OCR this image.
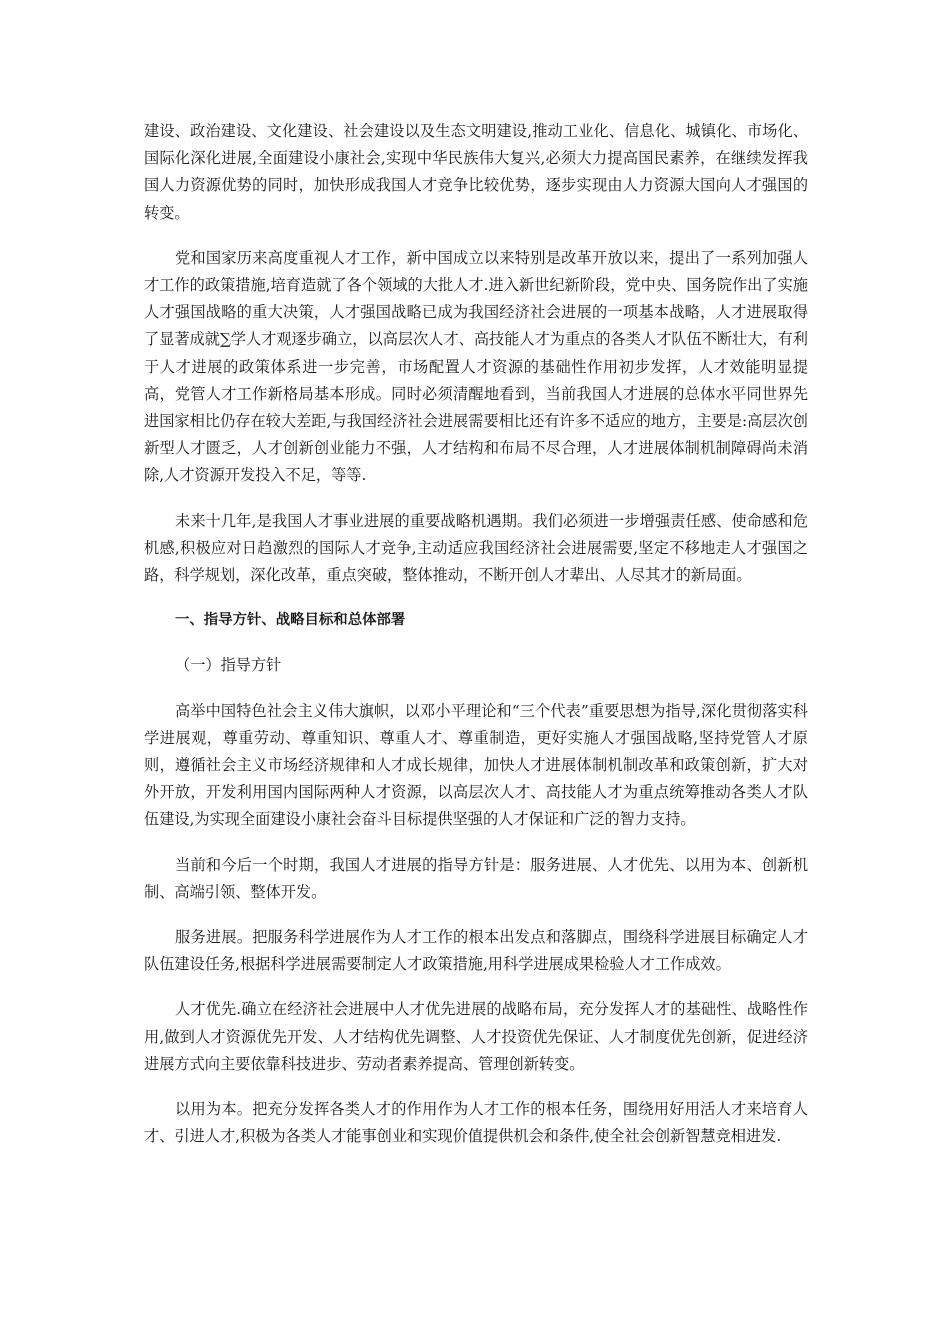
建设、政治建设、文化建设、社会建设以及生态文明建设,推动工业化、信息化、城镇化、市场化、国际化深化进展,全面建设小康社会,实现中华民族伟大复兴,必须大力提高国民素养，在继续发挥我国人力资源优势的同时，加快形成我国人才竞争比较优势，逐步实现由人力资源大国向人才强国的转变。

党和国家历来高度重视人才工作，新中国成立以来特别是改革开放以来，提出了一系列加强人才工作的政策措施,培育造就了各个领域的大批人才.进入新世纪新阶段，党中央、国务院作出了实施人才强国战略的重大决策，人才强国战略已成为我国经济社会进展的一项基本战略，人才进展取得了显著成就∑学人才观逐步确立，以高层次人才、高技能人才为重点的各类人才队伍不断壮大，有利于人才进展的政策体系进一步完善，市场配置人才资源的基础性作用初步发挥，人才效能明显提高，党管人才工作新格局基本形成。同时必须清醒地看到，当前我国人才进展的总体水平同世界先进国家相比仍存在较大差距,与我国经济社会进展需要相比还有许多不适应的地方，主要是:高层次创新型人才匮乏，人才创新创业能力不强，人才结构和布局不尽合理，人才进展体制机制障碍尚未消除,人才资源开发投入不足，等等.

未来十几年,是我国人才事业进展的重要战略机遇期。我们必须进一步增强责任感、使命感和危机感,积极应对日趋激烈的国际人才竞争,主动适应我国经济社会进展需要,坚定不移地走人才强国之路，科学规划，深化改革，重点突破，整体推动，不断开创人才辈出、人尽其才的新局面。

一、指导方针、战略目标和总体部署

（一）指导方针

高举中国特色社会主义伟大旗帜，以邓小平理论和“三个代表”重要思想为指导,深化贯彻落实科学进展观，尊重劳动、尊重知识、尊重人才、尊重制造，更好实施人才强国战略,坚持党管人才原则，遵循社会主义市场经济规律和人才成长规律，加快人才进展体制机制改革和政策创新，扩大对外开放，开发利用国内国际两种人才资源，以高层次人才、高技能人才为重点统筹推动各类人才队伍建设,为实现全面建设小康社会奋斗目标提供坚强的人才保证和广泛的智力支持。

当前和今后一个时期，我国人才进展的指导方针是：服务进展、人才优先、以用为本、创新机制、高端引领、整体开发。

服务进展。把服务科学进展作为人才工作的根本出发点和落脚点，围绕科学进展目标确定人才队伍建设任务,根据科学进展需要制定人才政策措施,用科学进展成果检验人才工作成效。

人才优先.确立在经济社会进展中人才优先进展的战略布局，充分发挥人才的基础性、战略性作用,做到人才资源优先开发、人才结构优先调整、人才投资优先保证、人才制度优先创新，促进经济进展方式向主要依靠科技进步、劳动者素养提高、管理创新转变。

以用为本。把充分发挥各类人才的作用作为人才工作的根本任务，围绕用好用活人才来培育人才、引进人才,积极为各类人才能事创业和实现价值提供机会和条件,使全社会创新智慧竞相进发.
